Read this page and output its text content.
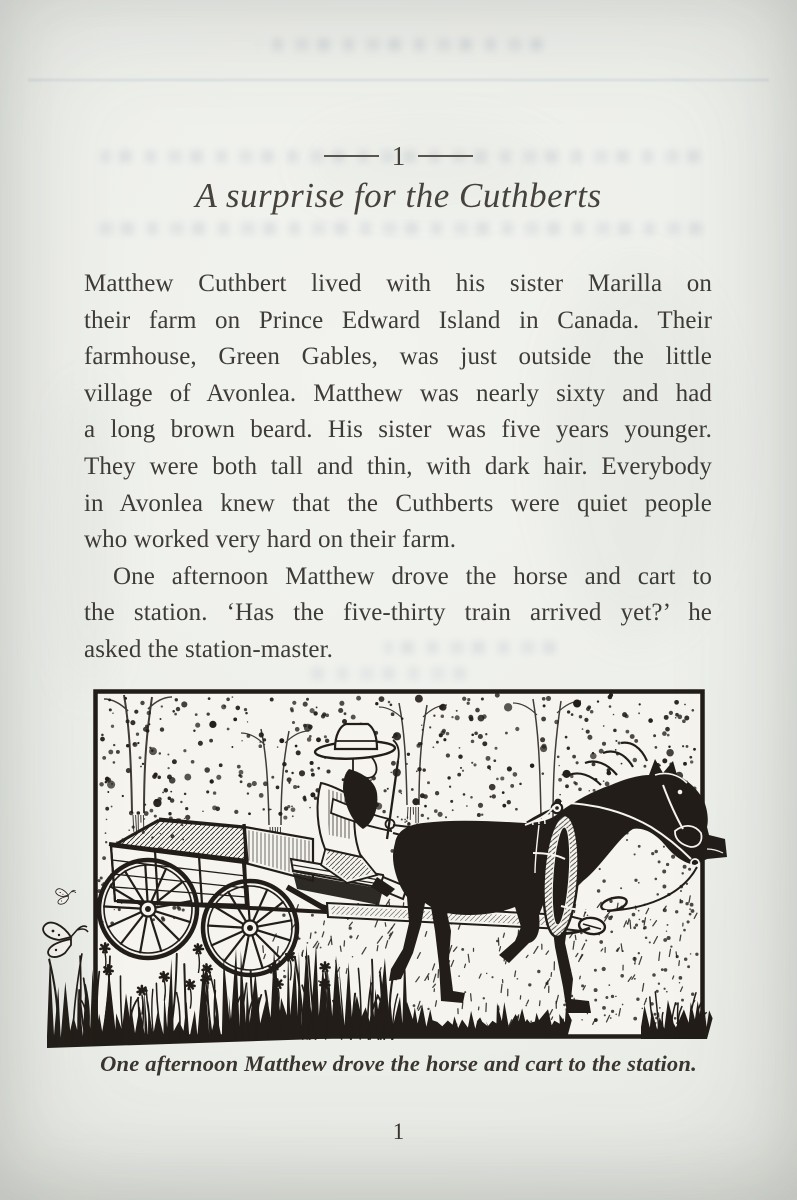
1
A surprise for the Cuthberts
Matthew Cuthbert lived with his sister Marilla on
their farm on Prince Edward Island in Canada. Their
farmhouse, Green Gables, was just outside the little
village of Avonlea. Matthew was nearly sixty and had
a long brown beard. His sister was five years younger.
They were both tall and thin, with dark hair. Everybody
in Avonlea knew that the Cuthberts were quiet people
who worked very hard on their farm.
One afternoon Matthew drove the horse and cart to
the station. ‘Has the five-thirty train arrived yet?’ he
asked the station-master.
One afternoon Matthew drove the horse and cart to the station.
1
